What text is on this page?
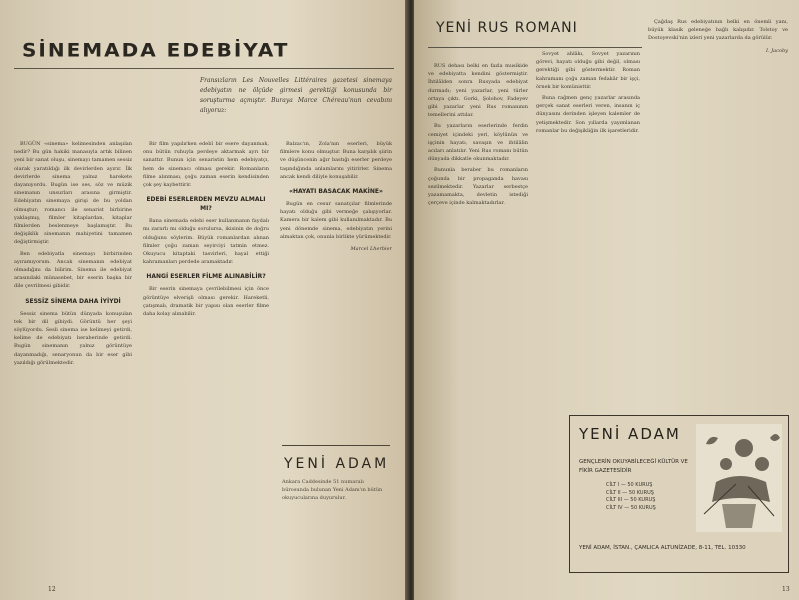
SİNEMADA EDEBİYAT
Fransızların Les Nouvelles Littéraires gazetesi sinemaya edebiyatın ne ölçüde girmesi gerektiği konusunda bir soruşturma açmıştır. Buraya Marce Chéreau'nun cevabını alıyoruz:

BUGÜN «sinema» kelimesinden anlaşılan nedir? Bu gün hakiki manasıyla artık bilinen yeni bir sanat oluşu, sinemayı tamamen sessiz olarak yaratıldığı ilk devirlerden ayırır. İlk devirlerde sinema yalnız harekete dayanıyordu. Bugün ise ses, söz ve müzik sinemanın unsurları arasına girmiştir. Edebiyatın sinemaya girişi de bu yoldan olmuştur; romancı ile senarist birbirine yaklaşmış, filmler kitaplardan, kitaplar filmlerden beslenmeye başlamıştır. Bu değişiklik sinemanın mahiyetini tamamen değiştirmiştir.

Ben edebiyatla sinemayı birbirinden ayıramıyorum. Ancak sinemanın edebiyat olmadığını da bilirim. Sinema ile edebiyat arasındaki münasebet, bir eserin başka bir dile çevrilmesi gibidir.

SESSİZ SİNEMA DAHA İYİYDİ

Sessiz sinema bütün dünyada konuşulan tek bir dil gibiydi. Görüntü her şeyi söylüyordu. Sesli sinema ise kelimeyi getirdi, kelime de edebiyatı beraberinde getirdi. Bugün sinemanın yalnız görüntüye dayanmadığı, senaryonun da bir eser gibi yazıldığı görülmektedir.

Bir film yapılırken edebî bir esere dayanmak, onu bütün ruhuyla perdeye aktarmak ayrı bir sanattır. Bunun için senaristin hem edebiyatçı, hem de sinemacı olması gerekir. Romanların filme alınması, çoğu zaman eserin kendisinden çok şey kaybettirir.

EDEBİ ESERLERDEN MEVZU ALMALI MI?

Bana sinemada edebi eser kullanmanın faydalı mı zararlı mı olduğu sorulursa, ikisinin de doğru olduğunu söylerim. Büyük romanlardan alınan filmler çoğu zaman seyirciyi tatmin etmez. Okuyucu kitaptaki tasvirleri, hayal ettiği kahramanları perdede aramaktadır.

HANGİ ESERLER FİLME ALINABİLİR?

Bir eserin sinemaya çevrilebilmesi için önce görüntüye elverişli olması gerekir. Hareketli, çatışmalı, dramatik bir yapısı olan eserler filme daha kolay alınabilir.

Balzac'ın, Zola'nın eserleri, büyük filmlere konu olmuştur. Buna karşılık şiirin ve düşüncenin ağır bastığı eserler perdeye taşındığında anlamlarını yitirirler. Sinema ancak kendi diliyle konuşabilir.

«HAYATI BASACAK MAKİNE»

Bugün en cesur sanatçılar filmlerinde hayatı olduğu gibi vermeğe çalışıyorlar. Kamera bir kalem gibi kullanılmaktadır. Bu yeni dönemde sinema, edebiyatın yerini almaktan çok, onunla birlikte yürümektedir.

Marcel Lherbier
YENİ ADAM
Ankara Caddesinde 51 numaralı bürosunda bulunan Yeni Adam'ın bütün okuyucularına duyurulur.
12
YENİ RUS ROMANI

RUS dehası belki en fazla musikide ve edebiyatta kendini göstermiştir. İhtilâlden sonra Rusyada edebiyat durmadı; yeni yazarlar, yeni türler ortaya çıktı. Gorki, Şolohov, Fadeyev gibi yazarlar yeni Rus romanının temellerini attılar.

Bu yazarların eserlerinde ferdin cemiyet içindeki yeri, köylünün ve işçinin hayatı, savaşın ve ihtilâlin acıları anlatılır. Yeni Rus romanı bütün dünyada dikkatle okunmaktadır.

Bununla beraber bu romanların çoğunda bir propaganda havası sezilmektedir. Yazarlar serbestçe yazamamakta, devletin istediği çerçeve içinde kalmaktadırlar.

Sovyet ahlâkı, Sovyet yazarının görevi, hayatı olduğu gibi değil, olması gerektiği gibi göstermektir. Roman kahramanı çoğu zaman fedakâr bir işçi, örnek bir komünisttir.

Buna rağmen genç yazarlar arasında gerçek sanat eserleri veren, insanın iç dünyasını derinden işleyen kalemler de yetişmektedir. Son yıllarda yayımlanan romanlar bu değişikliğin ilk işaretleridir.

Çağdaş Rus edebiyatının belki en önemli yanı, büyük klasik geleneğe bağlı kalışıdır. Tolstoy ve Dostoyevski'nin izleri yeni yazarlarda da görülür.

I. Jacoby
YENİ ADAM
GENÇLERİN OKUYABİLECEĞİ KÜLTÜR VE FİKİR GAZETESİDİR
CİLT I — 50 KURUŞ
CİLT II — 50 KURUŞ
CİLT III — 50 KURUŞ
CİLT IV — 50 KURUŞ
YENİ ADAM, İSTAN., ÇAMLICA ALTUNİZADE, 8-11, TEL. 10330
13
